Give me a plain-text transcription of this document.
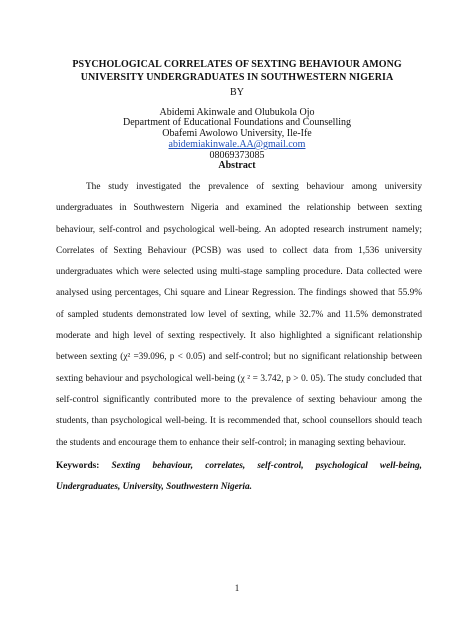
PSYCHOLOGICAL CORRELATES OF SEXTING BEHAVIOUR AMONG UNIVERSITY UNDERGRADUATES IN SOUTHWESTERN NIGERIA
BY
Abidemi Akinwale and Olubukola Ojo
Department of Educational Foundations and Counselling
Obafemi Awolowo University, Ile-Ife
abidemiakinwale.AA@gmail.com
08069373085
Abstract

The study investigated the prevalence of sexting behaviour among university undergraduates in Southwestern Nigeria and examined the relationship between sexting behaviour, self-control and psychological well-being. An adopted research instrument namely; Correlates of Sexting Behaviour (PCSB) was used to collect data from 1,536 university undergraduates which were selected using multi-stage sampling procedure. Data collected were analysed using percentages, Chi square and Linear Regression. The findings showed that 55.9% of sampled students demonstrated low level of sexting, while 32.7% and 11.5% demonstrated moderate and high level of sexting respectively. It also highlighted a significant relationship between sexting (χ² =39.096, p < 0.05) and self-control; but no significant relationship between sexting behaviour and psychological well-being (χ ² = 3.742, p > 0. 05). The study concluded that self-control significantly contributed more to the prevalence of sexting behaviour among the students, than psychological well-being. It is recommended that, school counsellors should teach the students and encourage them to enhance their self-control; in managing sexting behaviour.

Keywords: Sexting behaviour, correlates, self-control, psychological well-being, Undergraduates, University, Southwestern Nigeria.

1
